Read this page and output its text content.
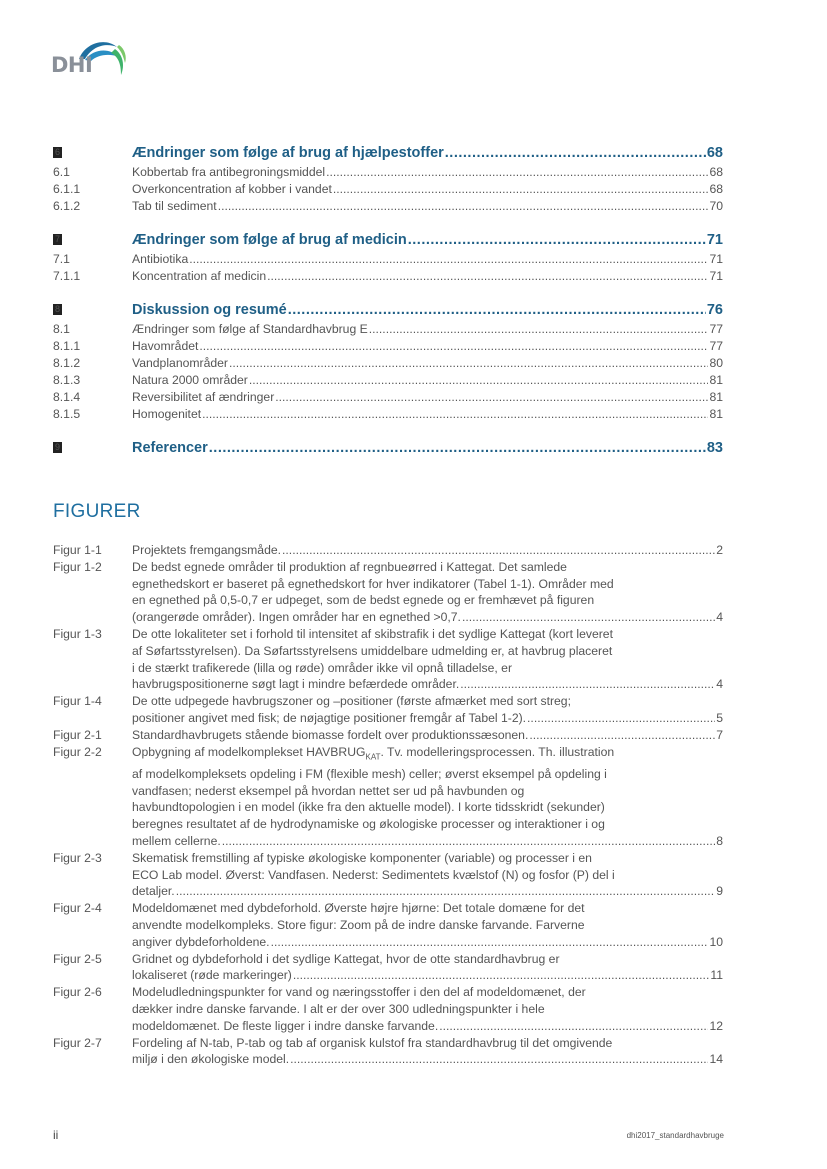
DHI
6	Ændringer som følge af brug af hjælpestoffer .....	68
6.1	Kobbertab fra antibegroningsmiddel .....	68
6.1.1	Overkoncentration af kobber i vandet .....	68
6.1.2	Tab til sediment .....	70
7	Ændringer som følge af brug af medicin .....	71
7.1	Antibiotika .....	71
7.1.1	Koncentration af medicin .....	71
8	Diskussion og resumé .....	76
8.1	Ændringer som følge af Standardhavbrug E .....	77
8.1.1	Havområdet .....	77
8.1.2	Vandplanområder .....	80
8.1.3	Natura 2000 områder .....	81
8.1.4	Reversibilitet af ændringer .....	81
8.1.5	Homogenitet .....	81
9	Referencer .....	83
FIGURER
Figur 1-1 Projektets fremgangsmåde. .....	2
Figur 1-2 De bedst egnede områder til produktion af regnbueørred i Kattegat. Det samlede
egnethedskort er baseret på egnethedskort for hver indikatorer (Tabel 1-1). Områder med
en egnethed på 0,5-0,7 er udpeget, som de bedst egnede og er fremhævet på figuren
(orangerøde områder). Ingen områder har en egnethed >0,7. .....	4
Figur 1-3 De otte lokaliteter set i forhold til intensitet af skibstrafik i det sydlige Kattegat (kort leveret
af Søfartsstyrelsen). Da Søfartsstyrelsens umiddelbare udmelding er, at havbrug placeret
i de stærkt trafikerede (lilla og røde) områder ikke vil opnå tilladelse, er
havbrugspositionerne søgt lagt i mindre befærdede områder. .....	4
Figur 1-4 De otte udpegede havbrugszoner og –positioner (første afmærket med sort streg;
positioner angivet med fisk; de nøjagtige positioner fremgår af Tabel 1-2). .....	5
Figur 2-1 Standardhavbrugets stående biomasse fordelt over produktionssæsonen. .....	7
Figur 2-2 Opbygning af modelkomplekset $HAVBRUG_{KAT}$. Tv. modelleringsprocessen. Th. illustration
af modelkompleksets opdeling i FM (flexible mesh) celler; øverst eksempel på opdeling i
vandfasen; nederst eksempel på hvordan nettet ser ud på havbunden og
havbundtopologien i en model (ikke fra den aktuelle model). I korte tidsskridt (sekunder)
beregnes resultatet af de hydrodynamiske og økologiske processer og interaktioner i og
mellem cellerne. .....	8
Figur 2-3 Skematisk fremstilling af typiske økologiske komponenter (variable) og processer i en
ECO Lab model. Øverst: Vandfasen. Nederst: Sedimentets kvælstof (N) og fosfor (P) del i
detaljer. .....	9
Figur 2-4 Modeldomænet med dybdeforhold. Øverste højre hjørne: Det totale domæne for det
anvendte modelkompleks. Store figur: Zoom på de indre danske farvande. Farverne
angiver dybdeforholdene. .....	10
Figur 2-5 Gridnet og dybdeforhold i det sydlige Kattegat, hvor de otte standardhavbrug er
lokaliseret (røde markeringer) .....	11
Figur 2-6 Modeludledningspunkter for vand og næringsstoffer i den del af modeldomænet, der
dækker indre danske farvande. I alt er der over 300 udledningspunkter i hele
modeldomænet. De fleste ligger i indre danske farvande. .....	12
Figur 2-7 Fordeling af N-tab, P-tab og tab af organisk kulstof fra standardhavbrug til det omgivende
miljø i den økologiske model. .....	14
ii	dhi2017_standardhavbruge
